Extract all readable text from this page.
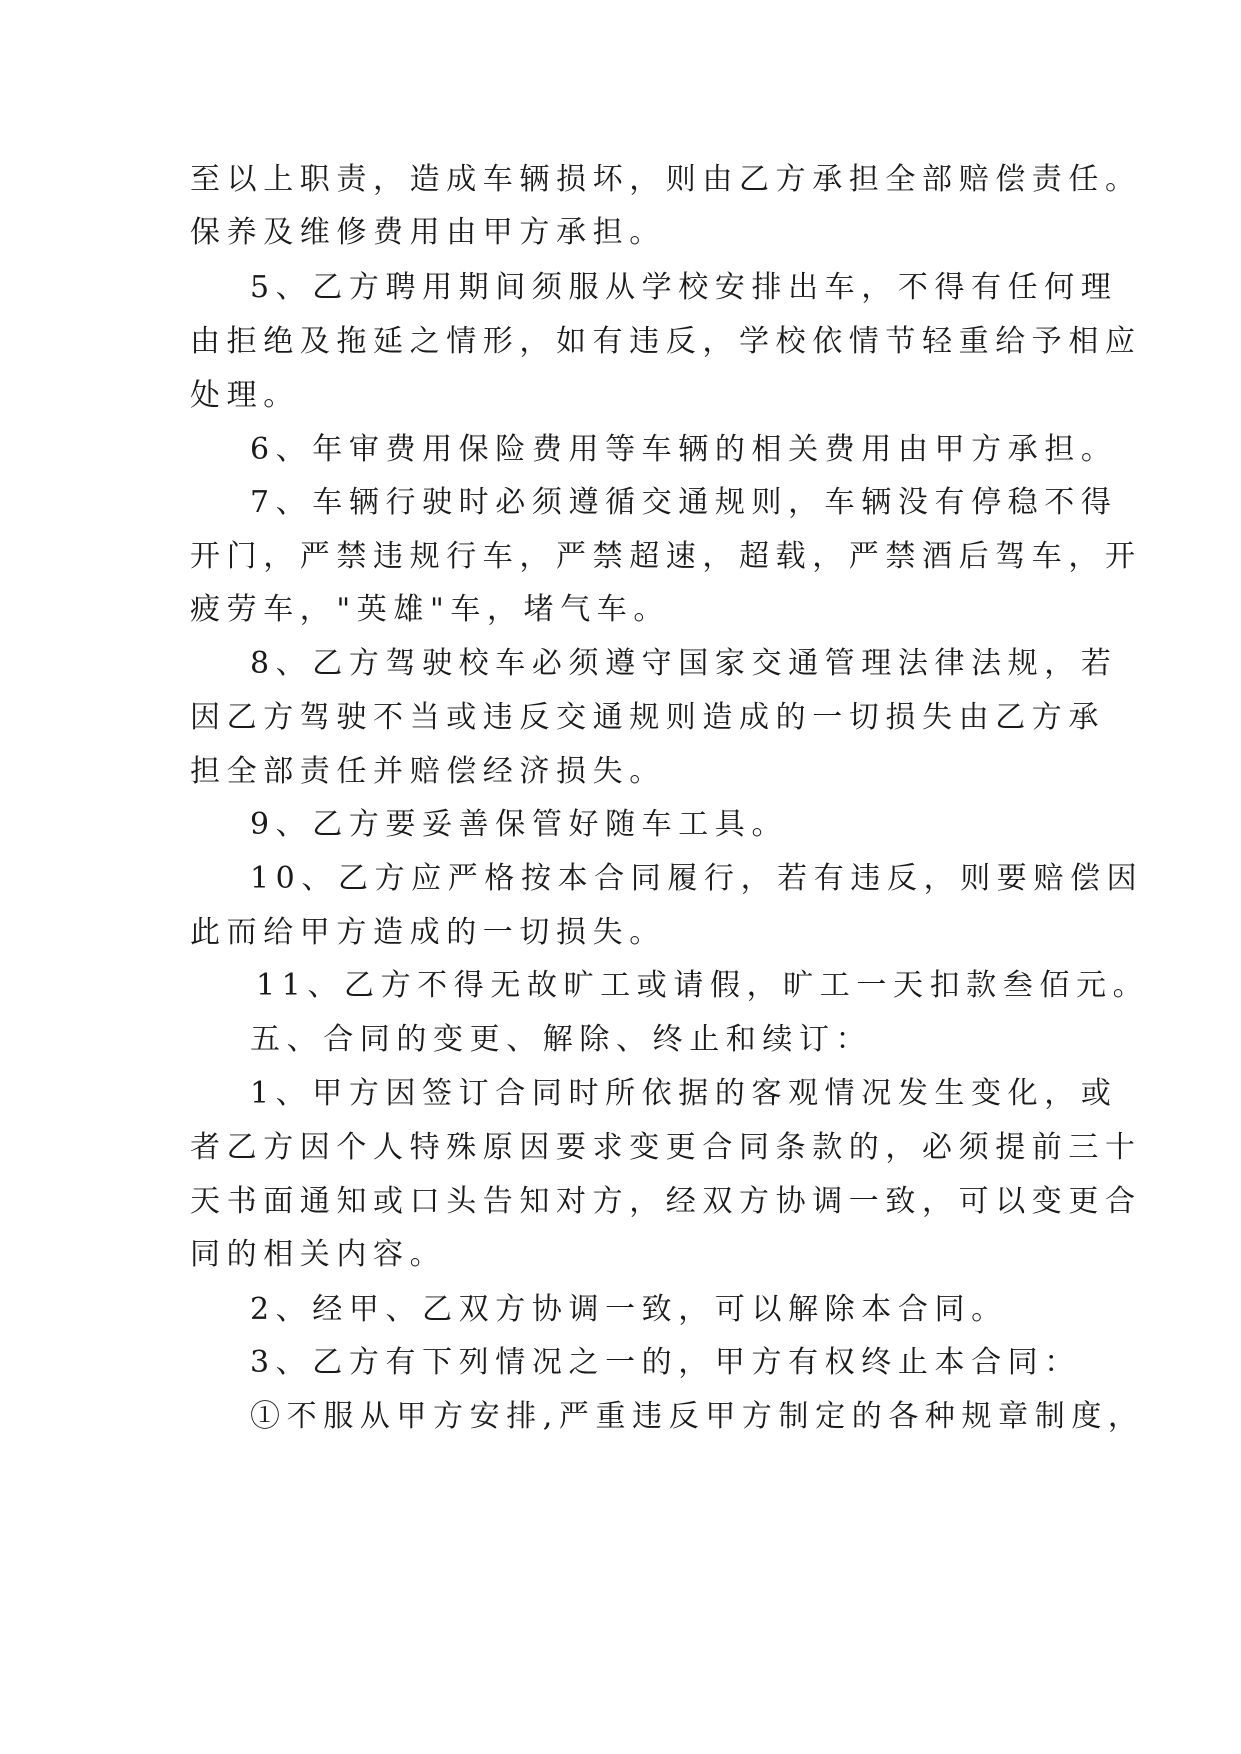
至以上职责，造成车辆损坏，则由乙方承担全部赔偿责任。
保养及维修费用由甲方承担。
5、乙方聘用期间须服从学校安排出车，不得有任何理
由拒绝及拖延之情形，如有违反，学校依情节轻重给予相应
处理。
6、年审费用保险费用等车辆的相关费用由甲方承担。
7、车辆行驶时必须遵循交通规则，车辆没有停稳不得
开门，严禁违规行车，严禁超速，超载，严禁酒后驾车，开
疲劳车，"英雄"车，堵气车。
8、乙方驾驶校车必须遵守国家交通管理法律法规，若
因乙方驾驶不当或违反交通规则造成的一切损失由乙方承
担全部责任并赔偿经济损失。
9、乙方要妥善保管好随车工具。
10、乙方应严格按本合同履行，若有违反，则要赔偿因
此而给甲方造成的一切损失。
11、乙方不得无故旷工或请假，旷工一天扣款叁佰元。
五、合同的变更、解除、终止和续订：
1、甲方因签订合同时所依据的客观情况发生变化，或
者乙方因个人特殊原因要求变更合同条款的，必须提前三十
天书面通知或口头告知对方，经双方协调一致，可以变更合
同的相关内容。
2、经甲、乙双方协调一致，可以解除本合同。
3、乙方有下列情况之一的，甲方有权终止本合同：
①不服从甲方安排,严重违反甲方制定的各种规章制度，
